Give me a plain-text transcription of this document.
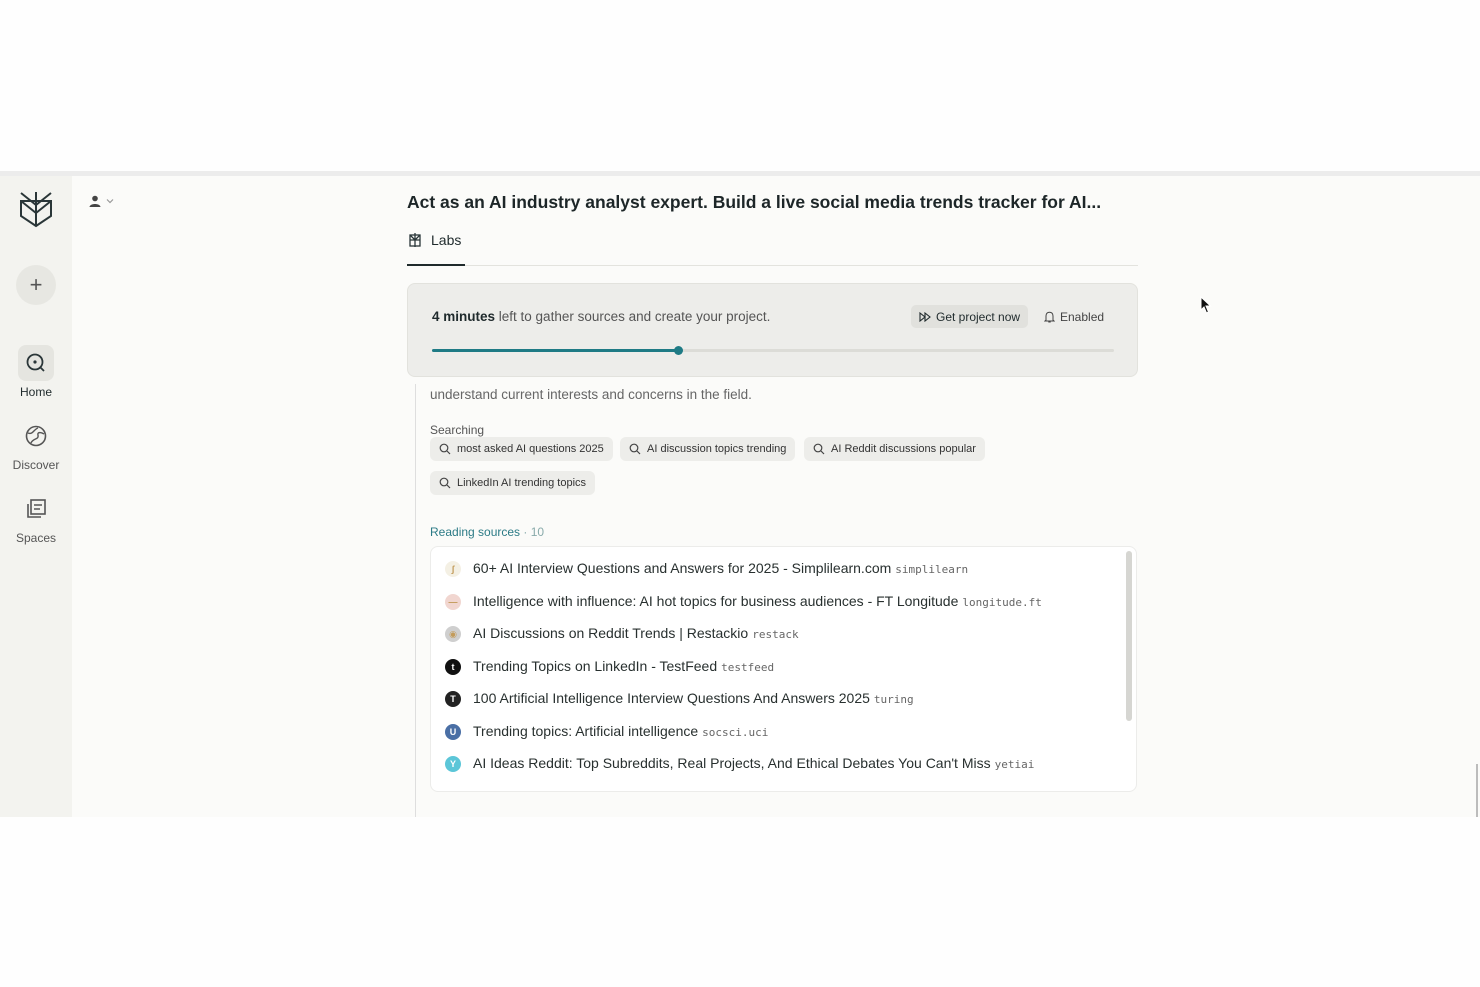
+
Home
Discover
Spaces
Act as an AI industry analyst expert. Build a live social media trends tracker for AI...
Labs
4 minutes left to gather sources and create your project.	Get project now	Enabled

understand current interests and concerns in the field.

Searching
most asked AI questions 2025	AI discussion topics trending	AI Reddit discussions popular
LinkedIn AI trending topics
Reading sources · 10
ʃ	60+ AI Interview Questions and Answers for 2025 - Simplilearn.com simplilearn
— Intelligence with influence: AI hot topics for business audiences - FT Longitude longitude.ft
◉ AI Discussions on Reddit Trends | Restackio restack
t	Trending Topics on LinkedIn - TestFeed testfeed
T	100 Artificial Intelligence Interview Questions And Answers 2025 turing
U	Trending topics: Artificial intelligence socsci.uci
Y	AI Ideas Reddit: Top Subreddits, Real Projects, And Ethical Debates You Can't Miss yetiai
